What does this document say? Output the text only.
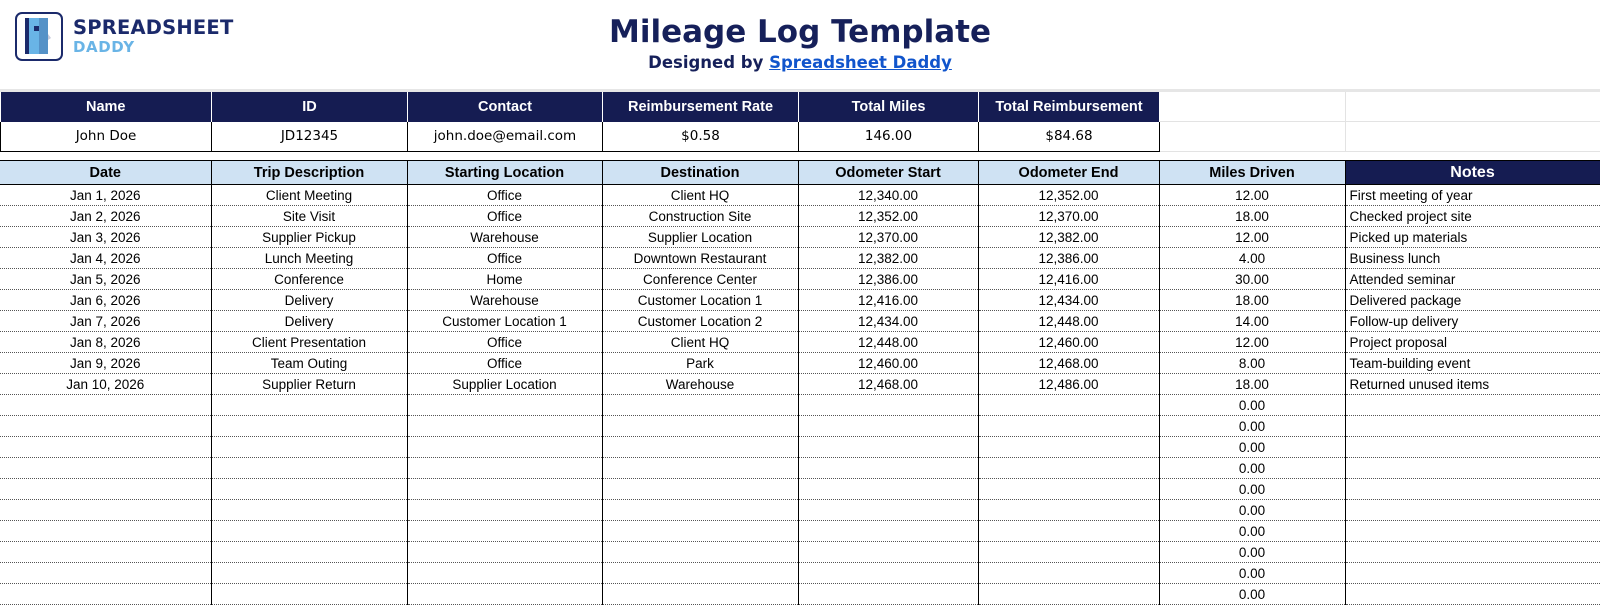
SPREADSHEET
DADDY	Mileage Log Template
Designed by Spreadsheet Daddy
Name	ID	Contact	Reimbursement Rate	Total Miles	Total Reimbursement		
John Doe	JD12345	john.doe@email.com	$0.58	146.00	$84.68		
Date	Trip Description	Starting Location	Destination	Odometer Start	Odometer End	Miles Driven	Notes
Jan 1, 2026	Client Meeting	Office	Client HQ	12,340.00	12,352.00	12.00	First meeting of year
Jan 2, 2026	Site Visit	Office	Construction Site	12,352.00	12,370.00	18.00	Checked project site
Jan 3, 2026	Supplier Pickup	Warehouse	Supplier Location	12,370.00	12,382.00	12.00	Picked up materials
Jan 4, 2026	Lunch Meeting	Office	Downtown Restaurant	12,382.00	12,386.00	4.00	Business lunch
Jan 5, 2026	Conference	Home	Conference Center	12,386.00	12,416.00	30.00	Attended seminar
Jan 6, 2026	Delivery	Warehouse	Customer Location 1	12,416.00	12,434.00	18.00	Delivered package
Jan 7, 2026	Delivery	Customer Location 1	Customer Location 2	12,434.00	12,448.00	14.00	Follow-up delivery
Jan 8, 2026	Client Presentation	Office	Client HQ	12,448.00	12,460.00	12.00	Project proposal
Jan 9, 2026	Team Outing	Office	Park	12,460.00	12,468.00	8.00	Team-building event
Jan 10, 2026	Supplier Return	Supplier Location	Warehouse	12,468.00	12,486.00	18.00	Returned unused items
						0.00	
						0.00	
						0.00	
						0.00	
						0.00	
						0.00	
						0.00	
						0.00	
						0.00	
						0.00	
